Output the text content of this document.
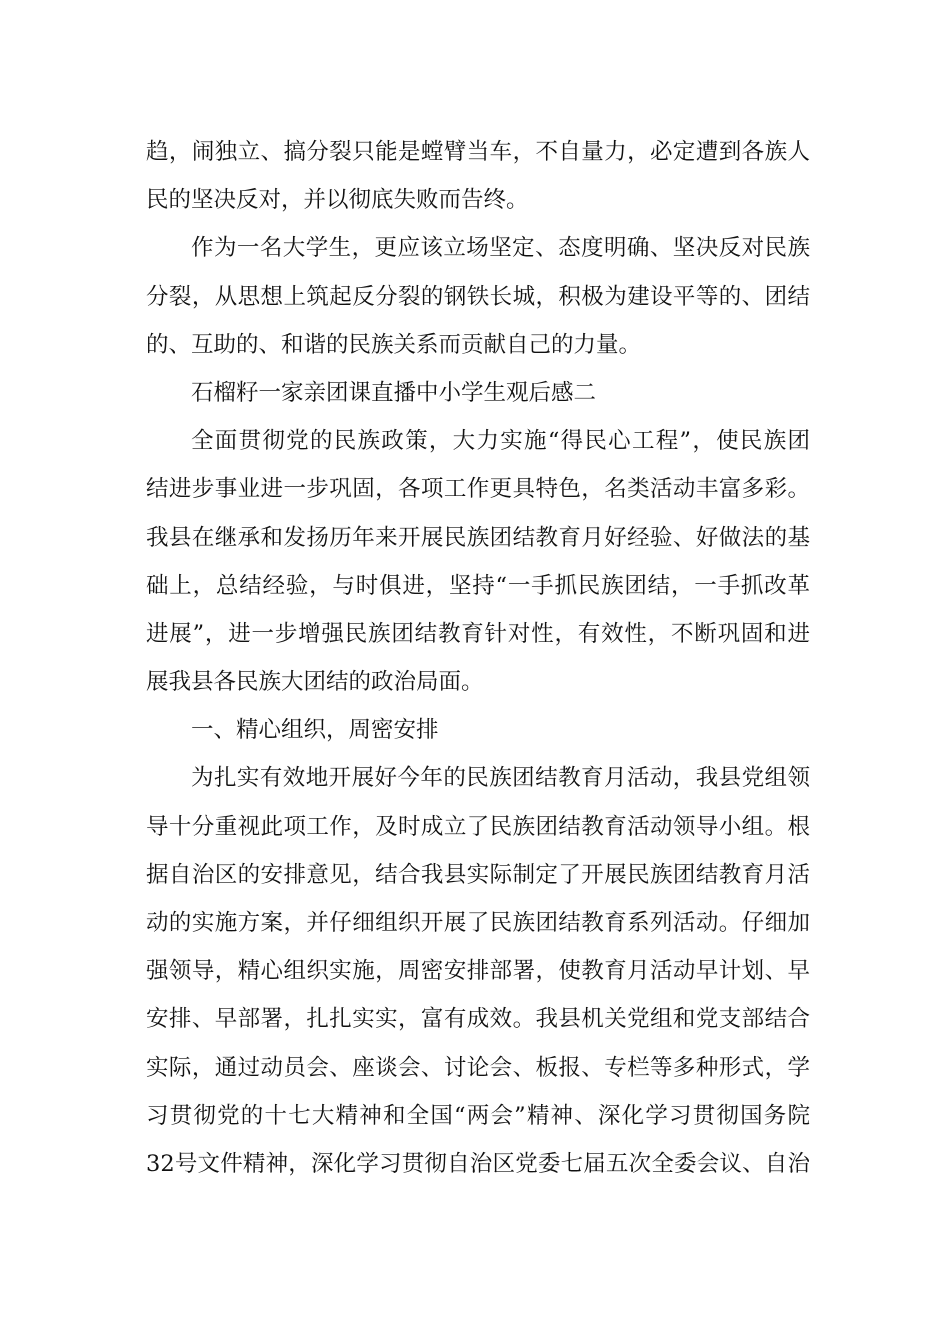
趋，闹独立、搞分裂只能是螳臂当车，不自量力，必定遭到各族人
民的坚决反对，并以彻底失败而告终。
作为一名大学生，更应该立场坚定、态度明确、坚决反对民族
分裂，从思想上筑起反分裂的钢铁长城，积极为建设平等的、团结
的、互助的、和谐的民族关系而贡献自己的力量。
石榴籽一家亲团课直播中小学生观后感二
全面贯彻党的民族政策，大力实施“得民心工程”，使民族团
结进步事业进一步巩固，各项工作更具特色，名类活动丰富多彩。
我县在继承和发扬历年来开展民族团结教育月好经验、好做法的基
础上，总结经验，与时俱进，坚持“一手抓民族团结，一手抓改革
进展”，进一步增强民族团结教育针对性，有效性，不断巩固和进
展我县各民族大团结的政治局面。
一、精心组织，周密安排
为扎实有效地开展好今年的民族团结教育月活动，我县党组领
导十分重视此项工作，及时成立了民族团结教育活动领导小组。根
据自治区的安排意见，结合我县实际制定了开展民族团结教育月活
动的实施方案，并仔细组织开展了民族团结教育系列活动。仔细加
强领导，精心组织实施，周密安排部署，使教育月活动早计划、早
安排、早部署，扎扎实实，富有成效。我县机关党组和党支部结合
实际，通过动员会、座谈会、讨论会、板报、专栏等多种形式，学
习贯彻党的十七大精神和全国“两会”精神、深化学习贯彻国务院
32号文件精神，深化学习贯彻自治区党委七届五次全委会议、自治
